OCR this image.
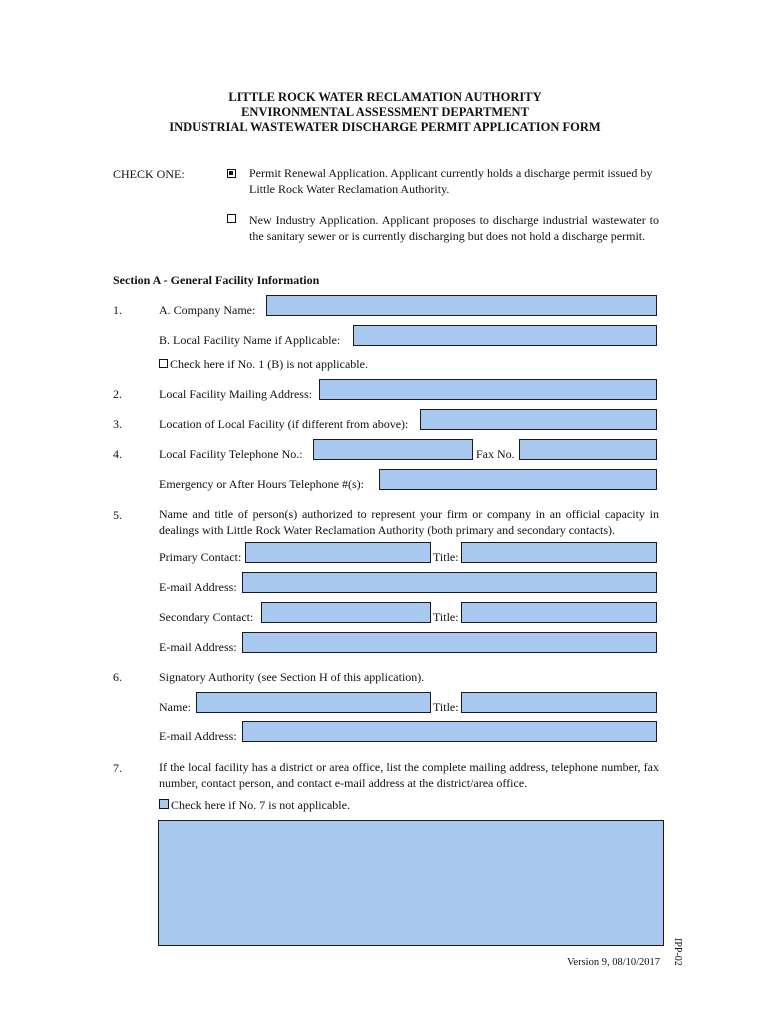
LITTLE ROCK WATER RECLAMATION AUTHORITY
ENVIRONMENTAL ASSESSMENT DEPARTMENT
INDUSTRIAL WASTEWATER DISCHARGE PERMIT APPLICATION FORM
CHECK ONE:	Permit Renewal Application. Applicant currently holds a discharge permit issued by Little Rock Water Reclamation Authority.
New Industry Application. Applicant proposes to discharge industrial wastewater to the sanitary sewer or is currently discharging but does not hold a discharge permit.
Section A - General Facility Information
1.	A. Company Name:
B. Local Facility Name if Applicable:
Check here if No. 1 (B) is not applicable.
2.	Local Facility Mailing Address:
3.	Location of Local Facility (if different from above):
4.	Local Facility Telephone No.:	Fax No.
Emergency or After Hours Telephone #(s):
5.	Name and title of person(s) authorized to represent your firm or company in an official capacity in dealings with Little Rock Water Reclamation Authority (both primary and secondary contacts).
Primary Contact:	Title:
E-mail Address:
Secondary Contact:	Title:
E-mail Address:
6.	Signatory Authority (see Section H of this application).
Name:	Title:
E-mail Address:
7.	If the local facility has a district or area office, list the complete mailing address, telephone number, fax number, contact person, and contact e-mail address at the district/area office.
Check here if No. 7 is not applicable.
Version 9, 08/10/2017 IPP-02
